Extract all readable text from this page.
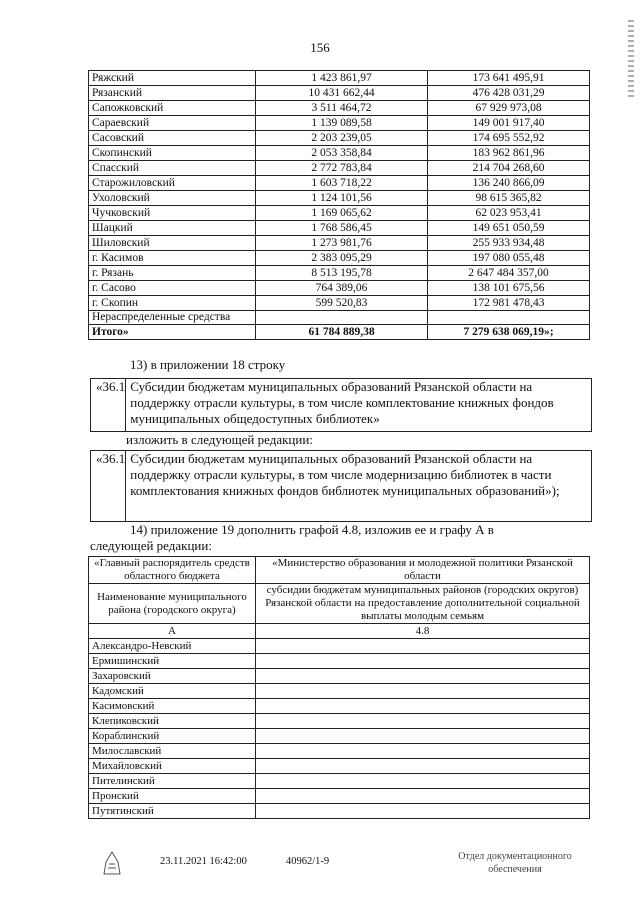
156
Ряжский	1 423 861,97	173 641 495,91
Рязанский	10 431 662,44	476 428 031,29
Сапожковский	3 511 464,72	67 929 973,08
Сараевский	1 139 089,58	149 001 917,40
Сасовский	2 203 239,05	174 695 552,92
Скопинский	2 053 358,84	183 962 861,96
Спасский	2 772 783,84	214 704 268,60
Старожиловский	1 603 718,22	136 240 866,09
Ухоловский	1 124 101,56	98 615 365,82
Чучковский	1 169 065,62	62 023 953,41
Шацкий	1 768 586,45	149 651 050,59
Шиловский	1 273 981,76	255 933 934,48
г. Касимов	2 383 095,29	197 080 055,48
г. Рязань	8 513 195,78	2 647 484 357,00
г. Сасово	764 389,06	138 101 675,56
г. Скопин	599 520,83	172 981 478,43
Нераспределенные средства		
Итого»	61 784 889,38	7 279 638 069,19»;
13) в приложении 18 строку
«36.1 Субсидии бюджетам муниципальных образований Рязанской области на поддержку отрасли культуры, в том числе комплектование книжных фондов муниципальных общедоступных библиотек»
изложить в следующей редакции:
«36.1 Субсидии бюджетам муниципальных образований Рязанской области на поддержку отрасли культуры, в том числе модернизацию библиотек в части комплектования книжных фондов библиотек муниципальных образований»);
14) приложение 19 дополнить графой 4.8, изложив ее и графу А в
следующей редакции:
«Главный распорядитель средств областного бюджета	«Министерство образования и молодежной политики Рязанской области
Наименование муниципального района (городского округа)	субсидии бюджетам муниципальных районов (городских округов) Рязанской области на предоставление дополнительной социальной выплаты молодым семьям
А	4.8
Александро-Невский	
Ермишинский	
Захаровский	
Кадомский	
Касимовский	
Клепиковский	
Кораблинский	
Милославский	
Михайловский	
Пителинский	
Пронский	
Путятинский	
23.11.2021 16:42:00	40962/1-9	Отдел документационного обеспечения
